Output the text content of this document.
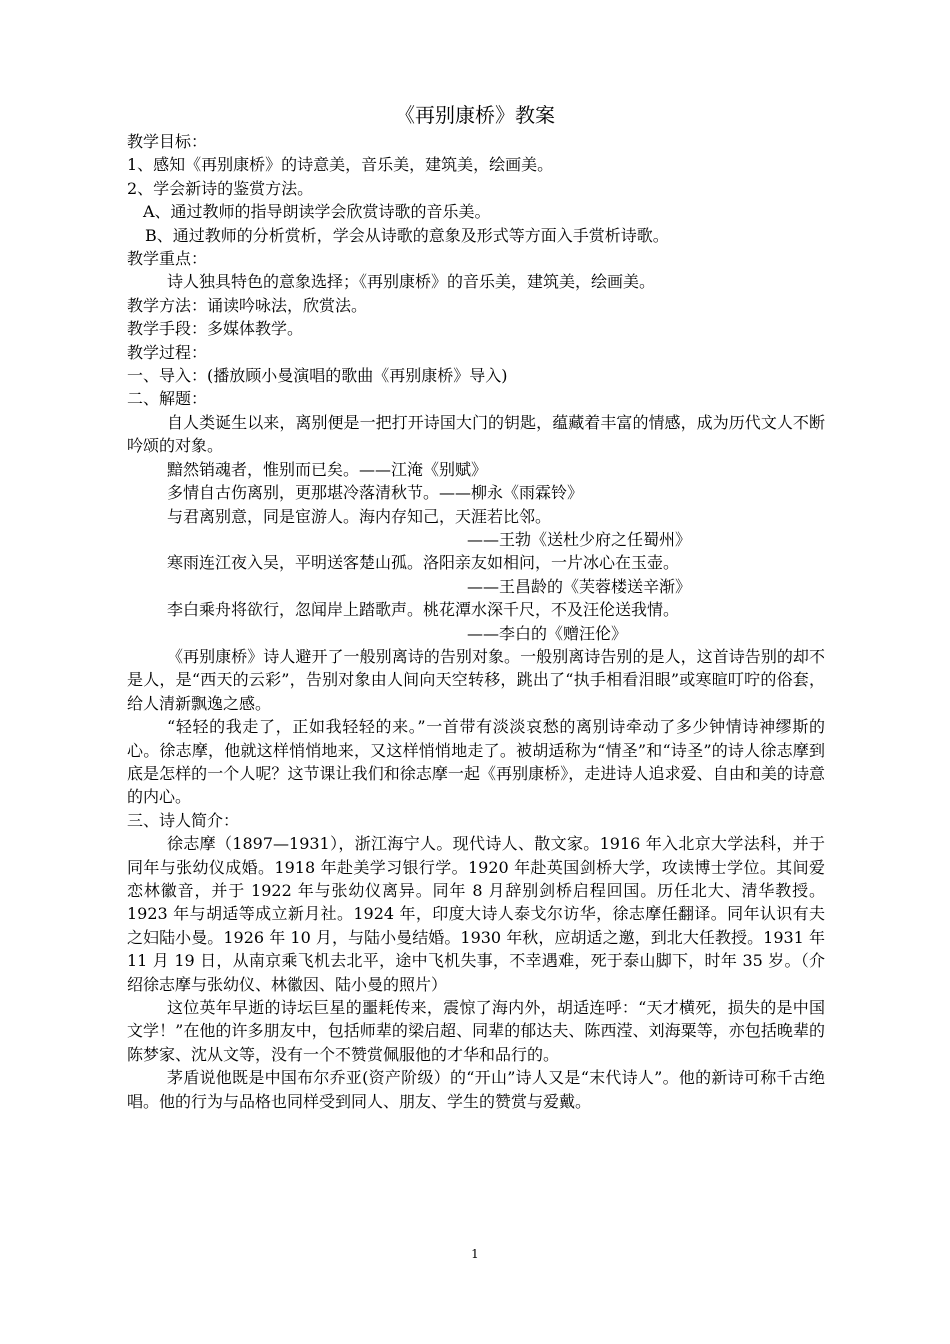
《再别康桥》教案
教学目标：
1、感知《再别康桥》的诗意美，音乐美，建筑美，绘画美。
2、学会新诗的鉴赏方法。
A、通过教师的指导朗读学会欣赏诗歌的音乐美。
B、通过教师的分析赏析，学会从诗歌的意象及形式等方面入手赏析诗歌。
教学重点：
诗人独具特色的意象选择；《再别康桥》的音乐美，建筑美，绘画美。
教学方法：诵读吟咏法，欣赏法。
教学手段：多媒体教学。
教学过程：
一、导入：(播放顾小曼演唱的歌曲《再别康桥》导入)
二、解题：

自人类诞生以来，离别便是一把打开诗国大门的钥匙，蕴藏着丰富的情感，成为历代文人不断吟颂的对象。

黯然销魂者，惟别而已矣。——江淹《别赋》
多情自古伤离别，更那堪冷落清秋节。——柳永《雨霖铃》
与君离别意，同是宦游人。海内存知己，天涯若比邻。
——王勃《送杜少府之任蜀州》
寒雨连江夜入吴，平明送客楚山孤。洛阳亲友如相问，一片冰心在玉壶。
——王昌龄的《芙蓉楼送辛渐》
李白乘舟将欲行，忽闻岸上踏歌声。桃花潭水深千尺，不及汪伦送我情。
——李白的《赠汪伦》

《再别康桥》诗人避开了一般别离诗的告别对象。一般别离诗告别的是人，这首诗告别的却不是人，是“西天的云彩”，告别对象由人间向天空转移，跳出了“执手相看泪眼”或寒暄叮咛的俗套，给人清新飘逸之感。

“轻轻的我走了，正如我轻轻的来。”一首带有淡淡哀愁的离别诗牵动了多少钟情诗神缪斯的心。徐志摩，他就这样悄悄地来，又这样悄悄地走了。被胡适称为“情圣”和“诗圣”的诗人徐志摩到底是怎样的一个人呢？这节课让我们和徐志摩一起《再别康桥》，走进诗人追求爱、自由和美的诗意的内心。

三、诗人简介：

徐志摩（1897—1931），浙江海宁人。现代诗人、散文家。1916 年入北京大学法科，并于同年与张幼仪成婚。1918 年赴美学习银行学。1920 年赴英国剑桥大学，攻读博士学位。其间爱恋林徽音，并于 1922 年与张幼仪离异。同年 8 月辞别剑桥启程回国。历任北大、清华教授。1923 年与胡适等成立新月社。1924 年，印度大诗人泰戈尔访华，徐志摩任翻译。同年认识有夫之妇陆小曼。1926 年 10 月，与陆小曼结婚。1930 年秋，应胡适之邀，到北大任教授。1931 年 11 月 19 日，从南京乘飞机去北平，途中飞机失事，不幸遇难，死于泰山脚下，时年 35 岁。（介绍徐志摩与张幼仪、林徽因、陆小曼的照片）

这位英年早逝的诗坛巨星的噩耗传来，震惊了海内外，胡适连呼：“天才横死，损失的是中国文学！”在他的许多朋友中，包括师辈的梁启超、同辈的郁达夫、陈西滢、刘海粟等，亦包括晚辈的陈梦家、沈从文等，没有一个不赞赏佩服他的才华和品行的。

茅盾说他既是中国布尔乔亚(资产阶级）的“开山”诗人又是“末代诗人”。他的新诗可称千古绝唱。他的行为与品格也同样受到同人、朋友、学生的赞赏与爱戴。

1
